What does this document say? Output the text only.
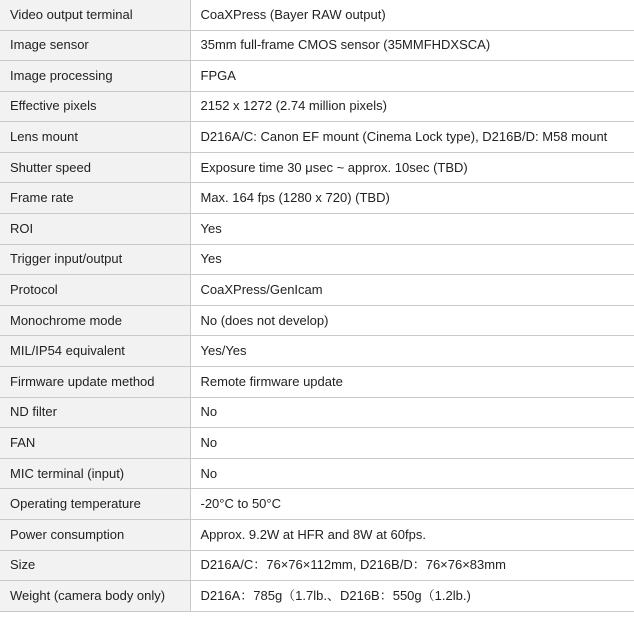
Video output terminal	CoaXPress (Bayer RAW output)
Image sensor	35mm full-frame CMOS sensor (35MMFHDXSCA)
Image processing	FPGA
Effective pixels	2152 x 1272 (2.74 million pixels)
Lens mount	D216A/C: Canon EF mount (Cinema Lock type), D216B/D: M58 mount
Shutter speed	Exposure time 30 μsec ~ approx. 10sec (TBD)
Frame rate	Max. 164 fps (1280 x 720) (TBD)
ROI	Yes
Trigger input/output	Yes
Protocol	CoaXPress/GenIcam
Monochrome mode	No (does not develop)
MIL/IP54 equivalent	Yes/Yes
Firmware update method	Remote firmware update
ND filter	No
FAN	No
MIC terminal (input)	No
Operating temperature	-20°C to 50°C
Power consumption	Approx. 9.2W at HFR and 8W at 60fps.
Size	D216A/C：76×76×112mm, D216B/D：76×76×83mm
Weight (camera body only)	D216A：785g（1.7lb.、D216B：550g（1.2lb.)
